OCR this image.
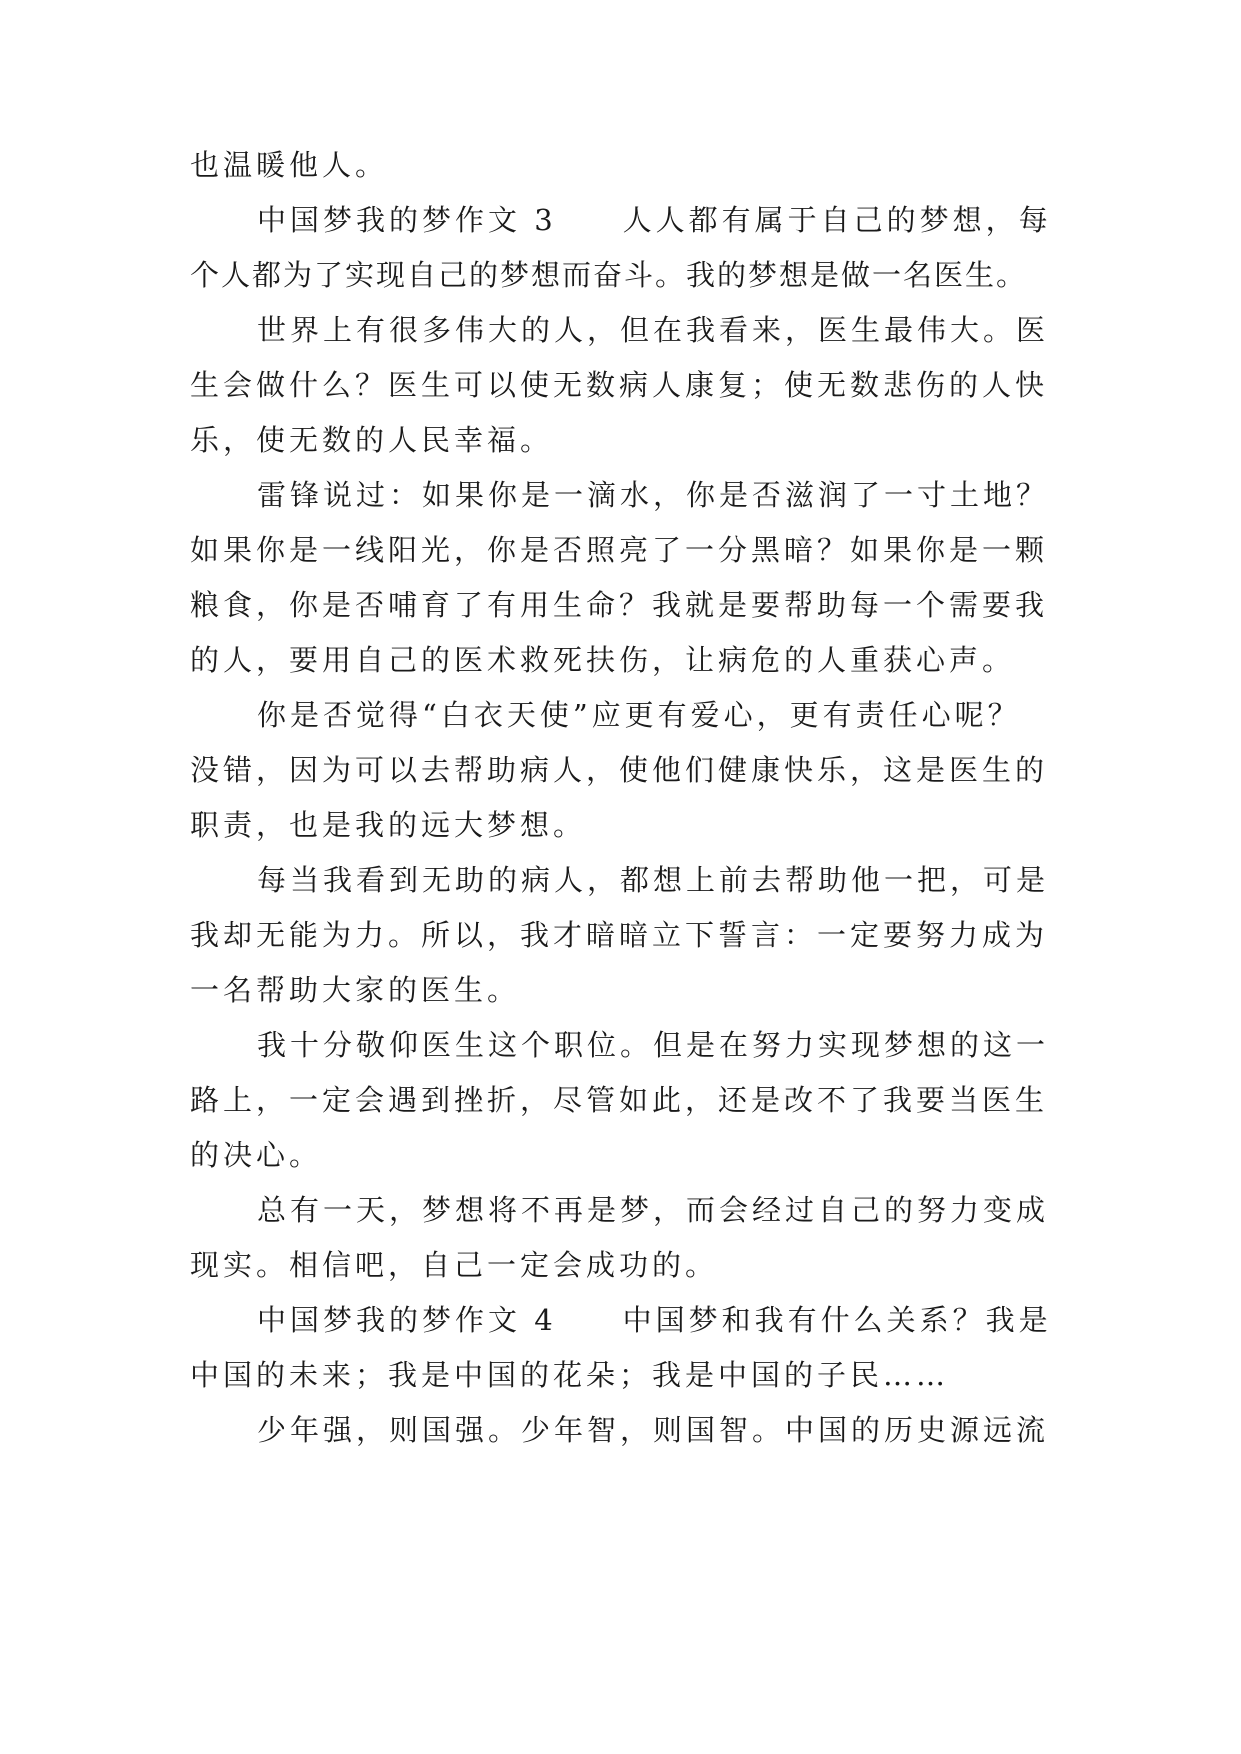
也温暖他人。
中国梦我的梦作文 3　　人人都有属于自己的梦想，每
个人都为了实现自己的梦想而奋斗。我的梦想是做一名医生。
世界上有很多伟大的人，但在我看来，医生最伟大。医
生会做什么？医生可以使无数病人康复；使无数悲伤的人快
乐，使无数的人民幸福。
雷锋说过：如果你是一滴水，你是否滋润了一寸土地？
如果你是一线阳光，你是否照亮了一分黑暗？如果你是一颗
粮食，你是否哺育了有用生命？我就是要帮助每一个需要我
的人，要用自己的医术救死扶伤，让病危的人重获心声。
你是否觉得“白衣天使”应更有爱心，更有责任心呢？
没错，因为可以去帮助病人，使他们健康快乐，这是医生的
职责，也是我的远大梦想。
每当我看到无助的病人，都想上前去帮助他一把，可是
我却无能为力。所以，我才暗暗立下誓言：一定要努力成为
一名帮助大家的医生。
我十分敬仰医生这个职位。但是在努力实现梦想的这一
路上，一定会遇到挫折，尽管如此，还是改不了我要当医生
的决心。
总有一天，梦想将不再是梦，而会经过自己的努力变成
现实。相信吧，自己一定会成功的。
中国梦我的梦作文 4　　中国梦和我有什么关系？我是
中国的未来；我是中国的花朵；我是中国的子民……
少年强，则国强。少年智，则国智。中国的历史源远流
